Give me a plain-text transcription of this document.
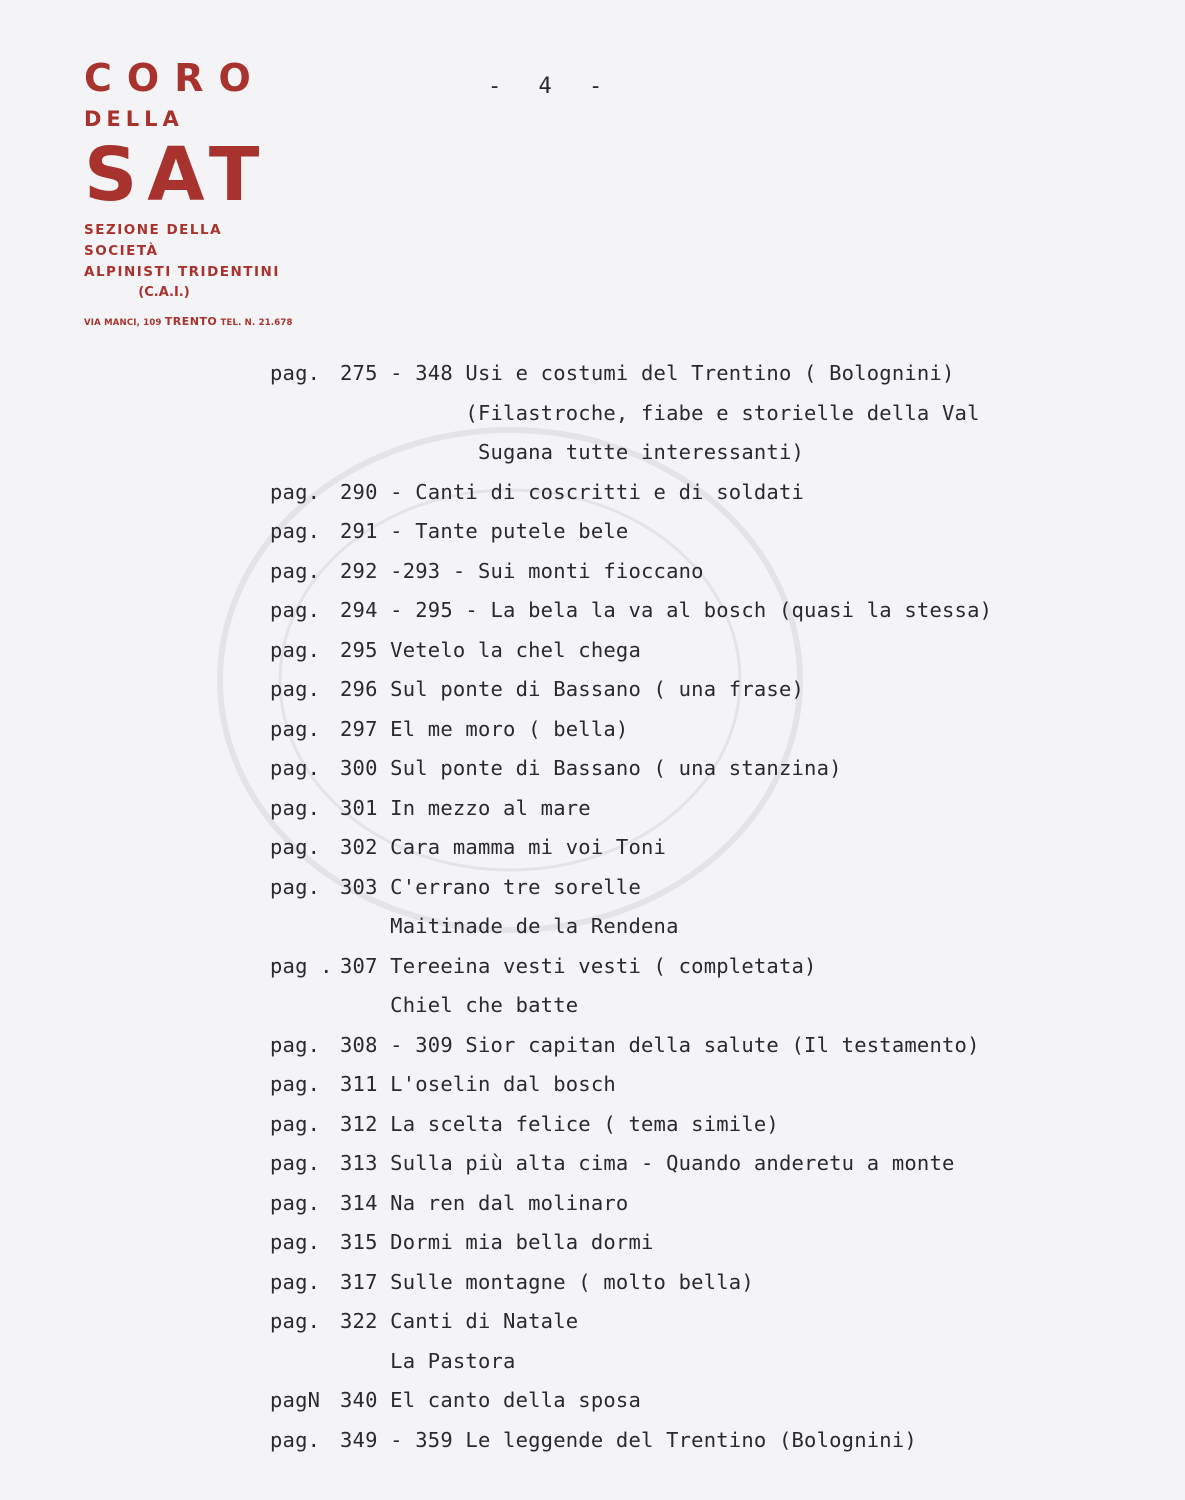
CORO
DELLA
SAT
SEZIONE DELLA SOCIETÀ
ALPINISTI TRIDENTINI
(C.A.I.)
VIA MANCI, 109 TRENTO TEL. N. 21.678
- 4 -
pag. 275 - 348 Usi e costumi del Trentino ( Bolognini)
(Filastroche, fiabe e storielle della Val
Sugana tutte interessanti)
pag. 290 - Canti di coscritti e di soldati
pag. 291 - Tante putele bele
pag. 292 -293 - Sui monti fioccano
pag. 294 - 295 - La bela la va al bosch (quasi la stessa)
pag. 295 Vetelo la chel chega
pag. 296 Sul ponte di Bassano ( una frase)
pag. 297 El me moro ( bella)
pag. 300 Sul ponte di Bassano ( una stanzina)
pag. 301 In mezzo al mare
pag. 302 Cara mamma mi voi Toni
pag. 303 C'errano tre sorelle
Maitinade de la Rendena
pag . 307 Tereeina vesti vesti ( completata)
Chiel che batte
pag. 308 - 309 Sior capitan della salute (Il testamento)
pag. 311 L'oselin dal bosch
pag. 312 La scelta felice ( tema simile)
pag. 313 Sulla più alta cima - Quando anderetu a monte
pag. 314 Na ren dal molinaro
pag. 315 Dormi mia bella dormi
pag. 317 Sulle montagne ( molto bella)
pag. 322 Canti di Natale
La Pastora
pagN 340 El canto della sposa
pag. 349 - 359 Le leggende del Trentino (Bolognini)
